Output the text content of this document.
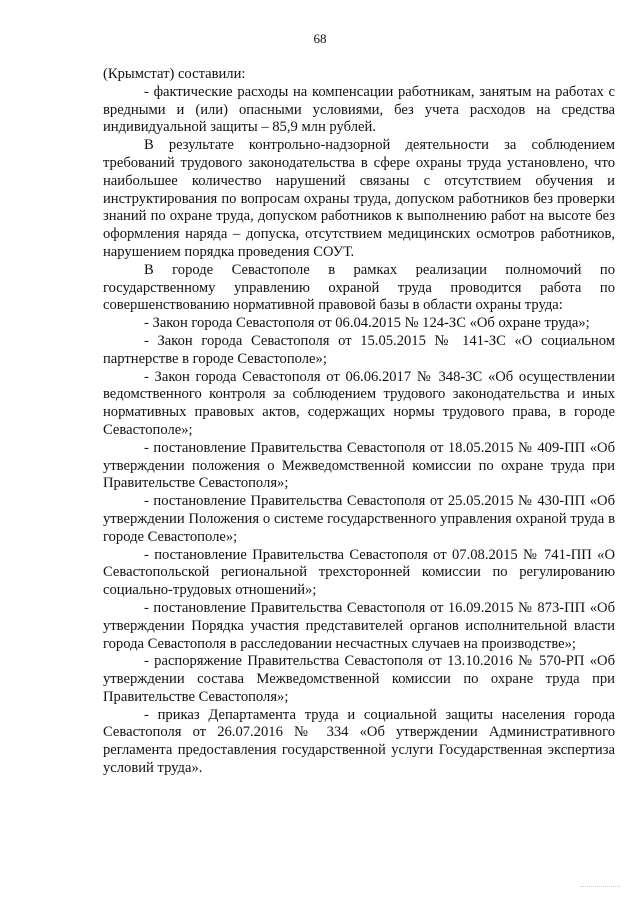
68

(Крымстат) составили:

- фактические расходы на компенсации работникам, занятым на работах с вредными и (или) опасными условиями, без учета расходов на средства индивидуальной защиты – 85,9 млн рублей.

В результате контрольно-надзорной деятельности за соблюдением требований трудового законодательства в сфере охраны труда установлено, что наибольшее количество нарушений связаны с отсутствием обучения и инструктирования по вопросам охраны труда, допуском работников без проверки знаний по охране труда, допуском работников к выполнению работ на высоте без оформления наряда – допуска, отсутствием медицинских осмотров работников, нарушением порядка проведения СОУТ.

В городе Севастополе в рамках реализации полномочий по государственному управлению охраной труда проводится работа по совершенствованию нормативной правовой базы в области охраны труда:

- Закон города Севастополя от 06.04.2015 № 124-ЗС «Об охране труда»;

- Закон города Севастополя от 15.05.2015 № 141-ЗС «О социальном партнерстве в городе Севастополе»;

- Закон города Севастополя от 06.06.2017 № 348-ЗС «Об осуществлении ведомственного контроля за соблюдением трудового законодательства и иных нормативных правовых актов, содержащих нормы трудового права, в городе Севастополе»;

- постановление Правительства Севастополя от 18.05.2015 № 409-ПП «Об утверждении положения о Межведомственной комиссии по охране труда при Правительстве Севастополя»;

- постановление Правительства Севастополя от 25.05.2015 № 430-ПП «Об утверждении Положения о системе государственного управления охраной труда в городе Севастополе»;

- постановление Правительства Севастополя от 07.08.2015 № 741-ПП «О Севастопольской региональной трехсторонней комиссии по регулированию социально-трудовых отношений»;

- постановление Правительства Севастополя от 16.09.2015 № 873-ПП «Об утверждении Порядка участия представителей органов исполнительной власти города Севастополя в расследовании несчастных случаев на производстве»;

- распоряжение Правительства Севастополя от 13.10.2016 № 570-РП «Об утверждении состава Межведомственной комиссии по охране труда при Правительстве Севастополя»;

- приказ Департамента труда и социальной защиты населения города Севастополя от 26.07.2016 № 334 «Об утверждении Административного регламента предоставления государственной услуги Государственная экспертиза условий труда».
